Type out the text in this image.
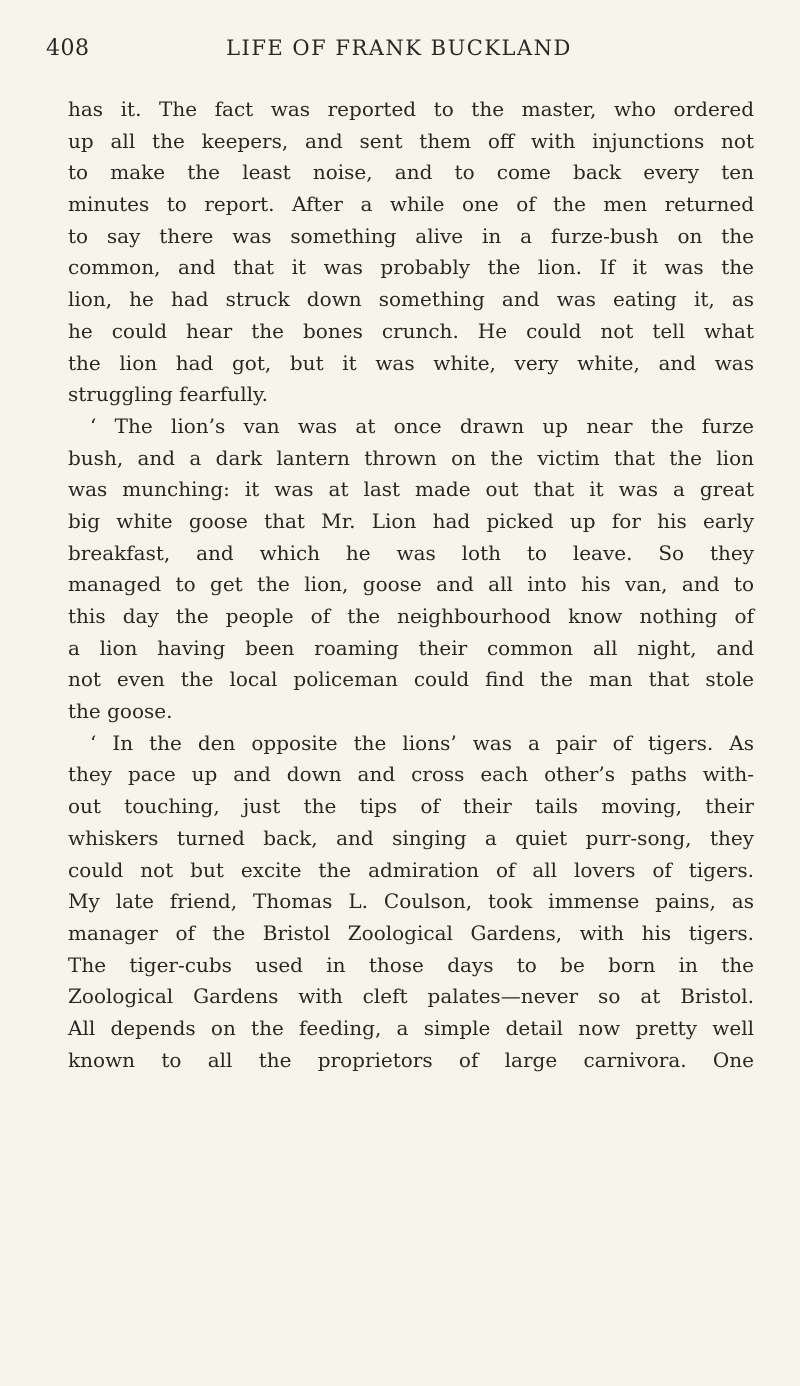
408	LIFE OF FRANK BUCKLAND
has it. The fact was reported to the master, who ordered
up all the keepers, and sent them off with injunctions not
to make the least noise, and to come back every ten
minutes to report. After a while one of the men returned
to say there was something alive in a furze-bush on the
common, and that it was probably the lion. If it was the
lion, he had struck down something and was eating it, as
he could hear the bones crunch. He could not tell what
the lion had got, but it was white, very white, and was
struggling fearfully.
‘ The lion’s van was at once drawn up near the furze
bush, and a dark lantern thrown on the victim that the lion
was munching: it was at last made out that it was a great
big white goose that Mr. Lion had picked up for his early
breakfast, and which he was loth to leave. So they
managed to get the lion, goose and all into his van, and to
this day the people of the neighbourhood know nothing of
a lion having been roaming their common all night, and
not even the local policeman could find the man that stole
the goose.
‘ In the den opposite the lions’ was a pair of tigers. As
they pace up and down and cross each other’s paths with-
out touching, just the tips of their tails moving, their
whiskers turned back, and singing a quiet purr-song, they
could not but excite the admiration of all lovers of tigers.
My late friend, Thomas L. Coulson, took immense pains, as
manager of the Bristol Zoological Gardens, with his tigers.
The tiger-cubs used in those days to be born in the
Zoological Gardens with cleft palates—never so at Bristol.
All depends on the feeding, a simple detail now pretty well
known to all the proprietors of large carnivora. One
